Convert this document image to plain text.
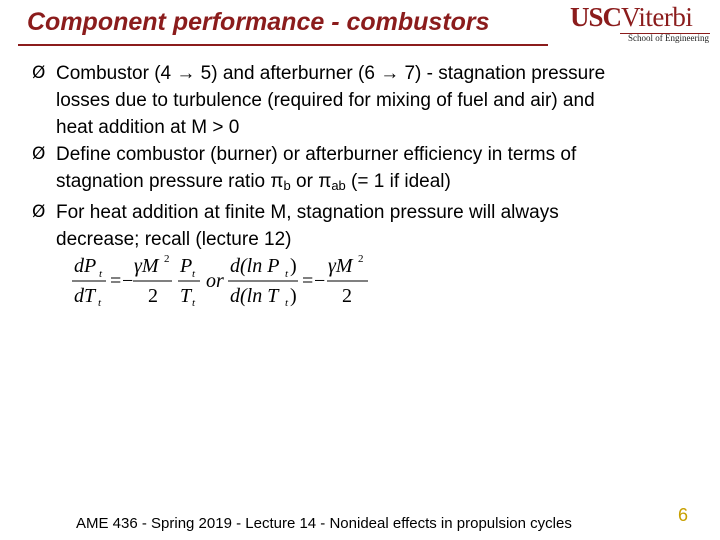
Component performance - combustors	USCViterbi
School of Engineering

Ø Combustor (4 → 5) and afterburner (6 → 7) - stagnation pressure
losses due to turbulence (required for mixing of fuel and air) and
heat addition at M > 0

Ø Define combustor (burner) or afterburner efficiency in terms of
stagnation pressure ratio $\pi_b$ or $\pi_{ab}$ (= 1 if ideal)

Ø For heat addition at finite M, stagnation pressure will always
decrease; recall (lecture 12)

dP t
dT t
= −
γM 2
2
P t
T t
or
d(ln P t )
d(ln T t )
= −
γM 2
2
AME 436 - Spring 2019 - Lecture 14 - Nonideal effects in propulsion cycles	6
